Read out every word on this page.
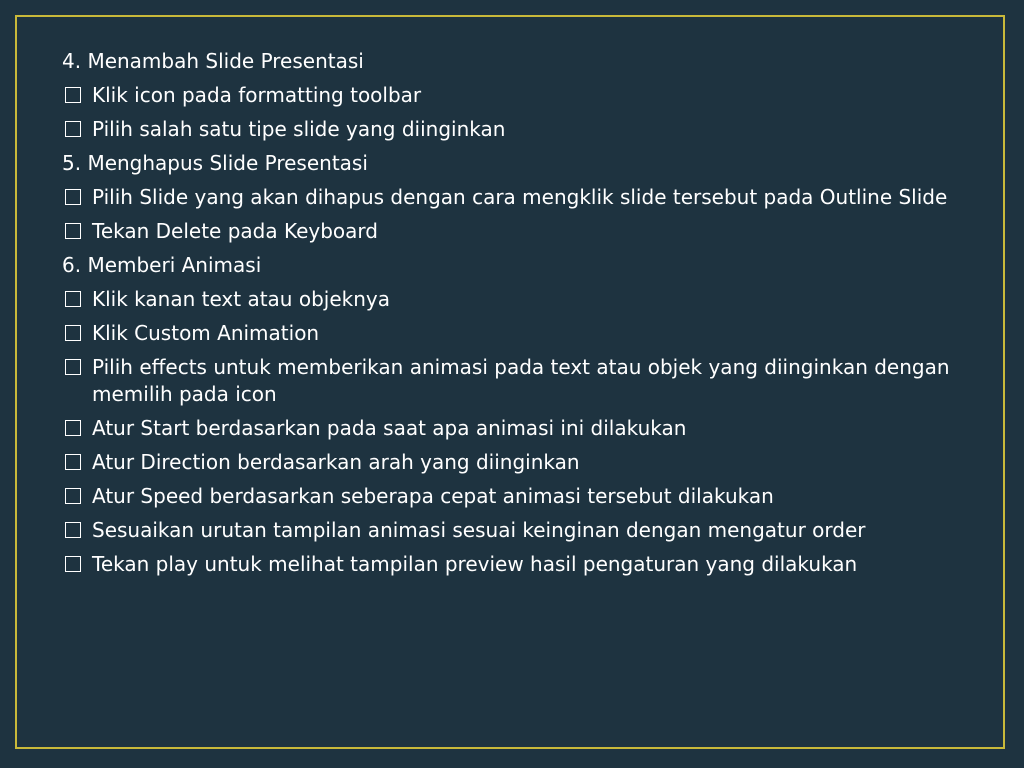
4. Menambah Slide Presentasi
Klik icon pada formatting toolbar
Pilih salah satu tipe slide yang diinginkan
5. Menghapus Slide Presentasi
Pilih Slide yang akan dihapus dengan cara mengklik slide tersebut pada Outline Slide
Tekan Delete pada Keyboard
6. Memberi Animasi
Klik kanan text atau objeknya
Klik Custom Animation
Pilih effects untuk memberikan animasi pada text atau objek yang diinginkan dengan memilih pada icon
Atur Start berdasarkan pada saat apa animasi ini dilakukan
Atur Direction berdasarkan arah yang diinginkan
Atur Speed berdasarkan seberapa cepat animasi tersebut dilakukan
Sesuaikan urutan tampilan animasi sesuai keinginan dengan mengatur order
Tekan play untuk melihat tampilan preview hasil pengaturan yang dilakukan
